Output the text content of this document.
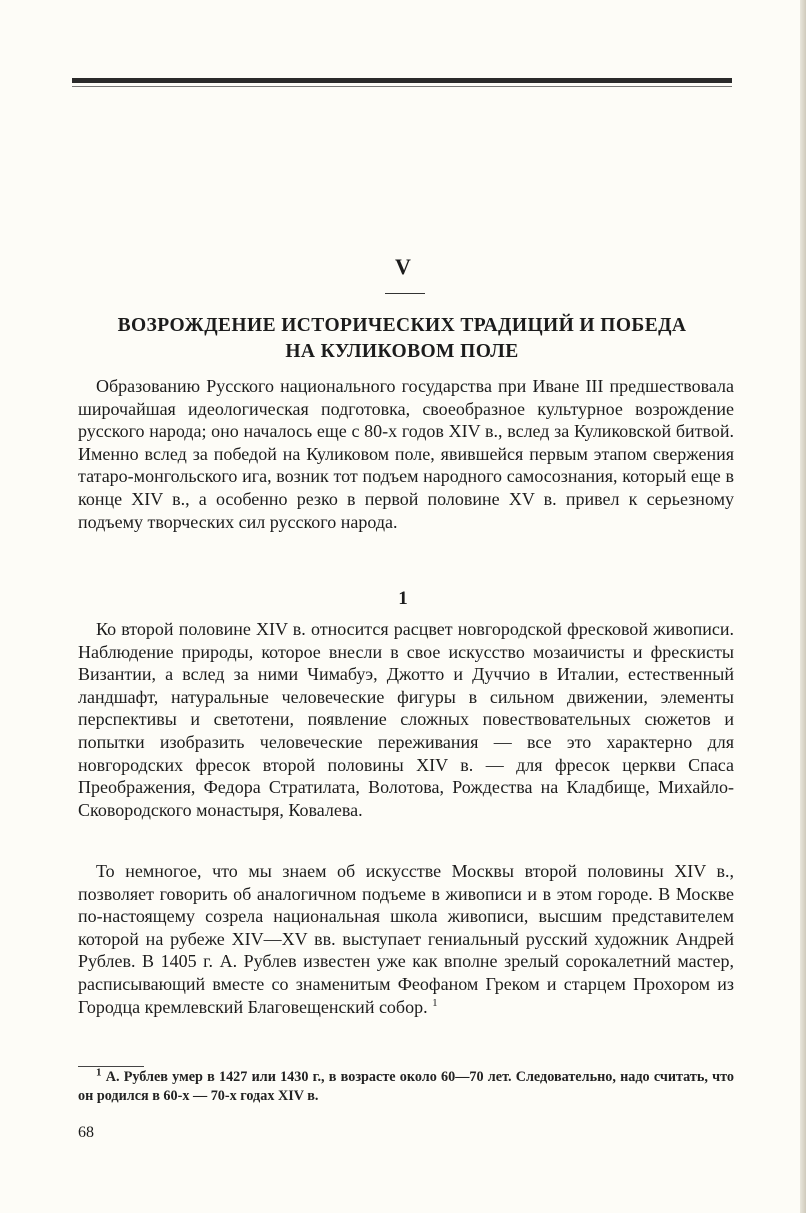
V
ВОЗРОЖДЕНИЕ ИСТОРИЧЕСКИХ ТРАДИЦИЙ И ПОБЕДА
НА КУЛИКОВОМ ПОЛЕ

Образованию Русского национального государства при Иване III предшествовала широчайшая идеологическая подготовка, своеобразное культурное возрождение русского народа; оно началось еще с 80-х годов XIV в., вслед за Куликовской битвой. Именно вслед за победой на Куликовом поле, явившейся первым этапом свержения татаро-монгольского ига, возник тот подъем народного самосознания, который еще в конце XIV в., а особенно резко в первой половине XV в. привел к серьезному подъему творческих сил русского народа.

1

Ко второй половине XIV в. относится расцвет новгородской фресковой живописи. Наблюдение природы, которое внесли в свое искусство мозаичисты и фрескисты Византии, а вслед за ними Чимабуэ, Джотто и Дуччио в Италии, естественный ландшафт, натуральные человеческие фигуры в сильном движении, элементы перспективы и светотени, появление сложных повествовательных сюжетов и попытки изобразить человеческие переживания — все это характерно для новгородских фресок второй половины XIV в. — для фресок церкви Спаса Преображения, Федора Стратилата, Волотова, Рождества на Кладбище, Михайло-Сковородского монастыря, Ковалева.

То немногое, что мы знаем об искусстве Москвы второй половины XIV в., позволяет говорить об аналогичном подъеме в живописи и в этом городе. В Москве по-настоящему созрела национальная школа живописи, высшим представителем которой на рубеже XIV—XV вв. выступает гениальный русский художник Андрей Рублев. В 1405 г. А. Рублев известен уже как вполне зрелый сорокалетний мастер, расписывающий вместе со знаменитым Феофаном Греком и старцем Прохором из Городца кремлевский Благовещенский собор. $^1$

$^1$ А. Рублев умер в 1427 или 1430 г., в возрасте около 60—70 лет. Следовательно, надо считать, что он родился в 60-х — 70-х годах XIV в.

68
